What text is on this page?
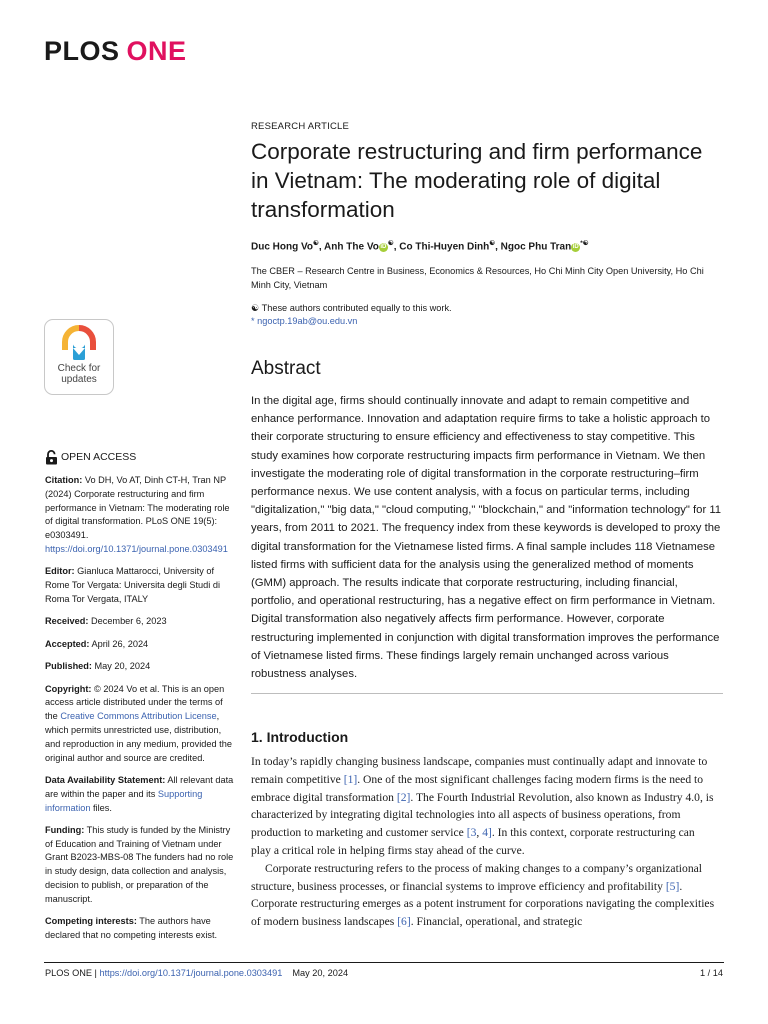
PLOS ONE
Check for
updates
OPEN ACCESS
Citation: Vo DH, Vo AT, Dinh CT-H, Tran NP (2024) Corporate restructuring and firm performance in Vietnam: The moderating role of digital transformation. PLoS ONE 19(5): e0303491. https://doi.org/10.1371/journal.pone.0303491
Editor: Gianluca Mattarocci, University of Rome Tor Vergata: Universita degli Studi di Roma Tor Vergata, ITALY
Received: December 6, 2023
Accepted: April 26, 2024
Published: May 20, 2024
Copyright: © 2024 Vo et al. This is an open access article distributed under the terms of the Creative Commons Attribution License, which permits unrestricted use, distribution, and reproduction in any medium, provided the original author and source are credited.
Data Availability Statement: All relevant data are within the paper and its Supporting information files.
Funding: This study is funded by the Ministry of Education and Training of Vietnam under Grant B2023-MBS-08 The funders had no role in study design, data collection and analysis, decision to publish, or preparation of the manuscript.
Competing interests: The authors have declared that no competing interests exist.
RESEARCH ARTICLE
Corporate restructuring and firm performance in Vietnam: The moderating role of digital transformation
Duc Hong Vo☯, Anh The Vo iD☯, Co Thi-Huyen Dinh☯, Ngoc Phu Tran iD*☯
The CBER – Research Centre in Business, Economics & Resources, Ho Chi Minh City Open University, Ho Chi Minh City, Vietnam
☯ These authors contributed equally to this work.
* ngoctp.19ab@ou.edu.vn
Abstract
In the digital age, firms should continually innovate and adapt to remain competitive and enhance performance. Innovation and adaptation require firms to take a holistic approach to their corporate structuring to ensure efficiency and effectiveness to stay competitive. This study examines how corporate restructuring impacts firm performance in Vietnam. We then investigate the moderating role of digital transformation in the corporate restructuring–firm performance nexus. We use content analysis, with a focus on particular terms, including "digitalization," "big data," "cloud computing," "blockchain," and "information technology" for 11 years, from 2011 to 2021. The frequency index from these keywords is developed to proxy the digital transformation for the Vietnamese listed firms. A final sample includes 118 Vietnamese listed firms with sufficient data for the analysis using the generalized method of moments (GMM) approach. The results indicate that corporate restructuring, including financial, portfolio, and operational restructuring, has a negative effect on firm performance in Vietnam. Digital transformation also negatively affects firm performance. However, corporate restructuring implemented in conjunction with digital transformation improves the performance of Vietnamese listed firms. These findings largely remain unchanged across various robustness analyses.
1. Introduction

In today’s rapidly changing business landscape, companies must continually adapt and innovate to remain competitive [1]. One of the most significant challenges facing modern firms is the need to embrace digital transformation [2]. The Fourth Industrial Revolution, also known as Industry 4.0, is characterized by integrating digital technologies into all aspects of business operations, from production to marketing and customer service [3, 4]. In this context, corporate restructuring can play a critical role in helping firms stay ahead of the curve.

Corporate restructuring refers to the process of making changes to a company’s organizational structure, business processes, or financial systems to improve efficiency and profitability [5]. Corporate restructuring emerges as a potent instrument for corporations navigating the complexities of modern business landscapes [6]. Financial, operational, and strategic

PLOS ONE | https://doi.org/10.1371/journal.pone.0303491 May 20, 2024	1 / 14
